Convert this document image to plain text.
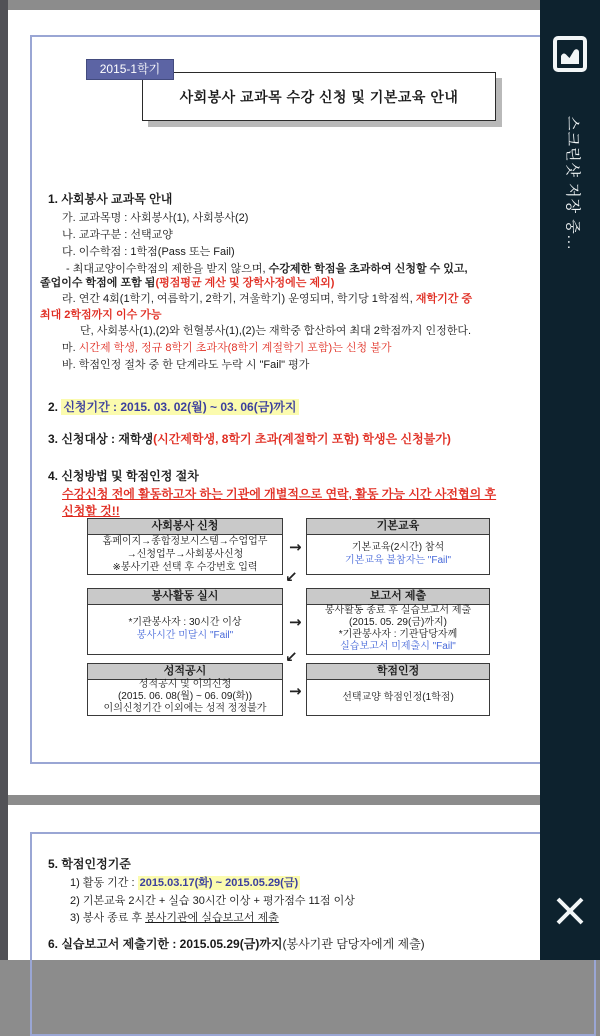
2015-1학기
사회봉사 교과목 수강 신청 및 기본교육 안내
1. 사회봉사 교과목 안내
가. 교과목명 : 사회봉사(1), 사회봉사(2)
나. 교과구분 : 선택교양
다. 이수학점 : 1학점(Pass 또는 Fail)
- 최대교양이수학점의 제한을 받지 않으며, 수강제한 학점을 초과하여 신청할 수 있고,
졸업이수 학점에 포함 됨(평점평균 계산 및 장학사정에는 제외)
라. 연간 4회(1학기, 여름학기, 2학기, 겨울학기) 운영되며, 학기당 1학점씩, 재학기간 중
최대 2학점까지 이수 가능
단, 사회봉사(1),(2)와 헌혈봉사(1),(2)는 재학중 합산하여 최대 2학점까지 인정한다.
마. 시간제 학생, 정규 8학기 초과자(8학기 계절학기 포함)는 신청 불가
바. 학점인정 절차 중 한 단계라도 누락 시 "Fail" 평가
2. 신청기간 : 2015. 03. 02(월) ~ 03. 06(금)까지
3. 신청대상 : 재학생(시간제학생, 8학기 초과(계절학기 포함) 학생은 신청불가)
4. 신청방법 및 학점인정 절차
수강신청 전에 활동하고자 하는 기관에 개별적으로 연락, 활동 가능 시간 사전협의 후
신청할 것!!
사회봉사 신청
홈페이지→종합정보시스템→수업업무
→신청업무→사회봉사신청
※봉사기관 선택 후 수강번호 입력
→
기본교육
기본교육(2시간) 참석
기본교육 불참자는 "Fail"
↙
봉사활동 실시
*기관봉사자 : 30시간 이상
봉사시간 미달시 "Fail"
→
보고서 제출
봉사활동 종료 후 실습보고서 제출
(2015. 05. 29(금)까지)
*기관봉사자 : 기관담당자께
실습보고서 미제출시 "Fail"
↙
성적공시
성적공시 및 이의신청
(2015. 06. 08(월) ~ 06. 09(화))
이의신청기간 이외에는 성적 정정불가
→
학점인정
선택교양 학점인정(1학점)
5. 학점인정기준
1) 활동 기간 : 2015.03.17(화) ~ 2015.05.29(금)
2) 기본교육 2시간 + 실습 30시간 이상 + 평가점수 11점 이상
3) 봉사 종료 후 봉사기관에 실습보고서 제출
6. 실습보고서 제출기한 : 2015.05.29(금)까지(봉사기관 담당자에게 제출)
스크린샷 저장 중...
